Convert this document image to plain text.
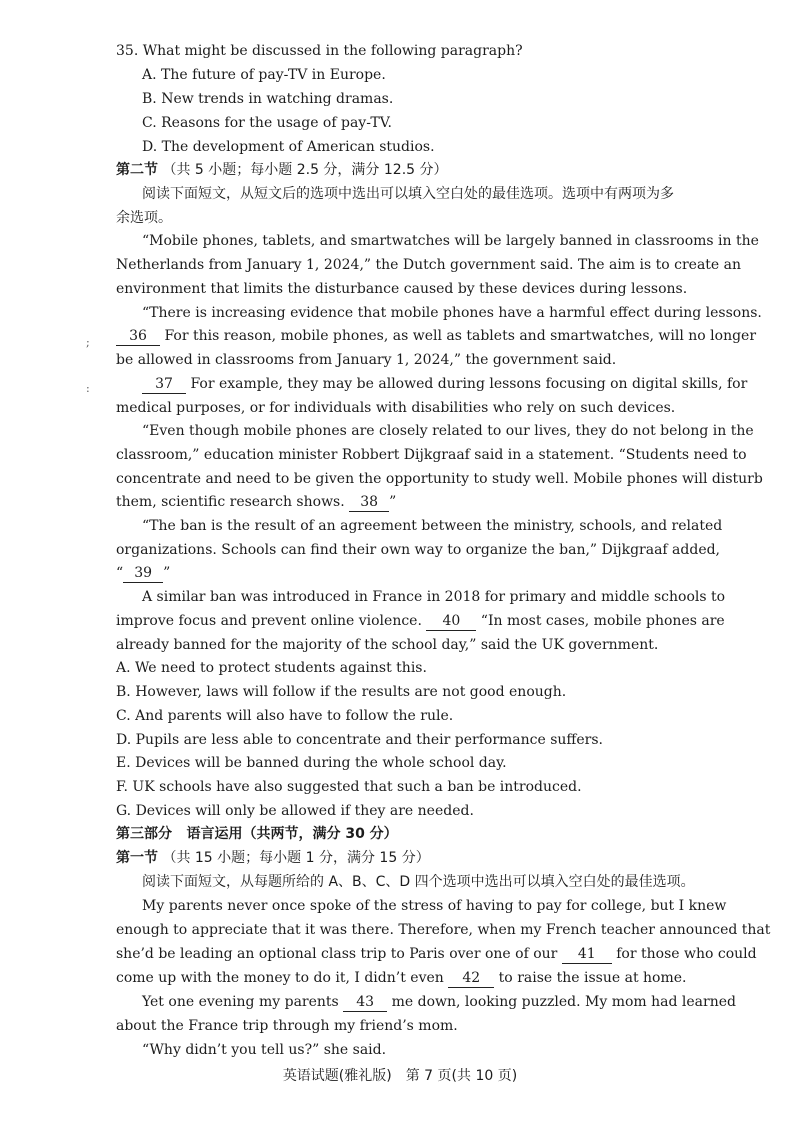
35. What might be discussed in the following paragraph?
A. The future of pay-TV in Europe.
B. New trends in watching dramas.
C. Reasons for the usage of pay-TV.
D. The development of American studios.
第二节 （共 5 小题；每小题 2.5 分，满分 12.5 分）
阅读下面短文，从短文后的选项中选出可以填入空白处的最佳选项。选项中有两项为多
余选项。
“Mobile phones, tablets, and smartwatches will be largely banned in classrooms in the
Netherlands from January 1, 2024,” the Dutch government said. The aim is to create an
environment that limits the disturbance caused by these devices during lessons.
“There is increasing evidence that mobile phones have a harmful effect during lessons.
36 For this reason, mobile phones, as well as tablets and smartwatches, will no longer
be allowed in classrooms from January 1, 2024,” the government said.
37 For example, they may be allowed during lessons focusing on digital skills, for
medical purposes, or for individuals with disabilities who rely on such devices.
“Even though mobile phones are closely related to our lives, they do not belong in the
classroom,” education minister Robbert Dijkgraaf said in a statement. “Students need to
concentrate and need to be given the opportunity to study well. Mobile phones will disturb
them, scientific research shows. 38 ”
“The ban is the result of an agreement between the ministry, schools, and related
organizations. Schools can find their own way to organize the ban,” Dijkgraaf added,
“ 39 ”
A similar ban was introduced in France in 2018 for primary and middle schools to
improve focus and prevent online violence. 40 “In most cases, mobile phones are
already banned for the majority of the school day,” said the UK government.
A. We need to protect students against this.
B. However, laws will follow if the results are not good enough.
C. And parents will also have to follow the rule.
D. Pupils are less able to concentrate and their performance suffers.
E. Devices will be banned during the whole school day.
F. UK schools have also suggested that such a ban be introduced.
G. Devices will only be allowed if they are needed.
第三部分 语言运用（共两节，满分 30 分）
第一节 （共 15 小题；每小题 1 分，满分 15 分）
阅读下面短文，从每题所给的 A、B、C、D 四个选项中选出可以填入空白处的最佳选项。
My parents never once spoke of the stress of having to pay for college, but I knew
enough to appreciate that it was there. Therefore, when my French teacher announced that
she’d be leading an optional class trip to Paris over one of our 41 for those who could
come up with the money to do it, I didn’t even 42 to raise the issue at home.
Yet one evening my parents 43 me down, looking puzzled. My mom had learned
about the France trip through my friend’s mom.
“Why didn’t you tell us?” she said.
英语试题(雅礼版)　第 7 页(共 10 页)
;
:
